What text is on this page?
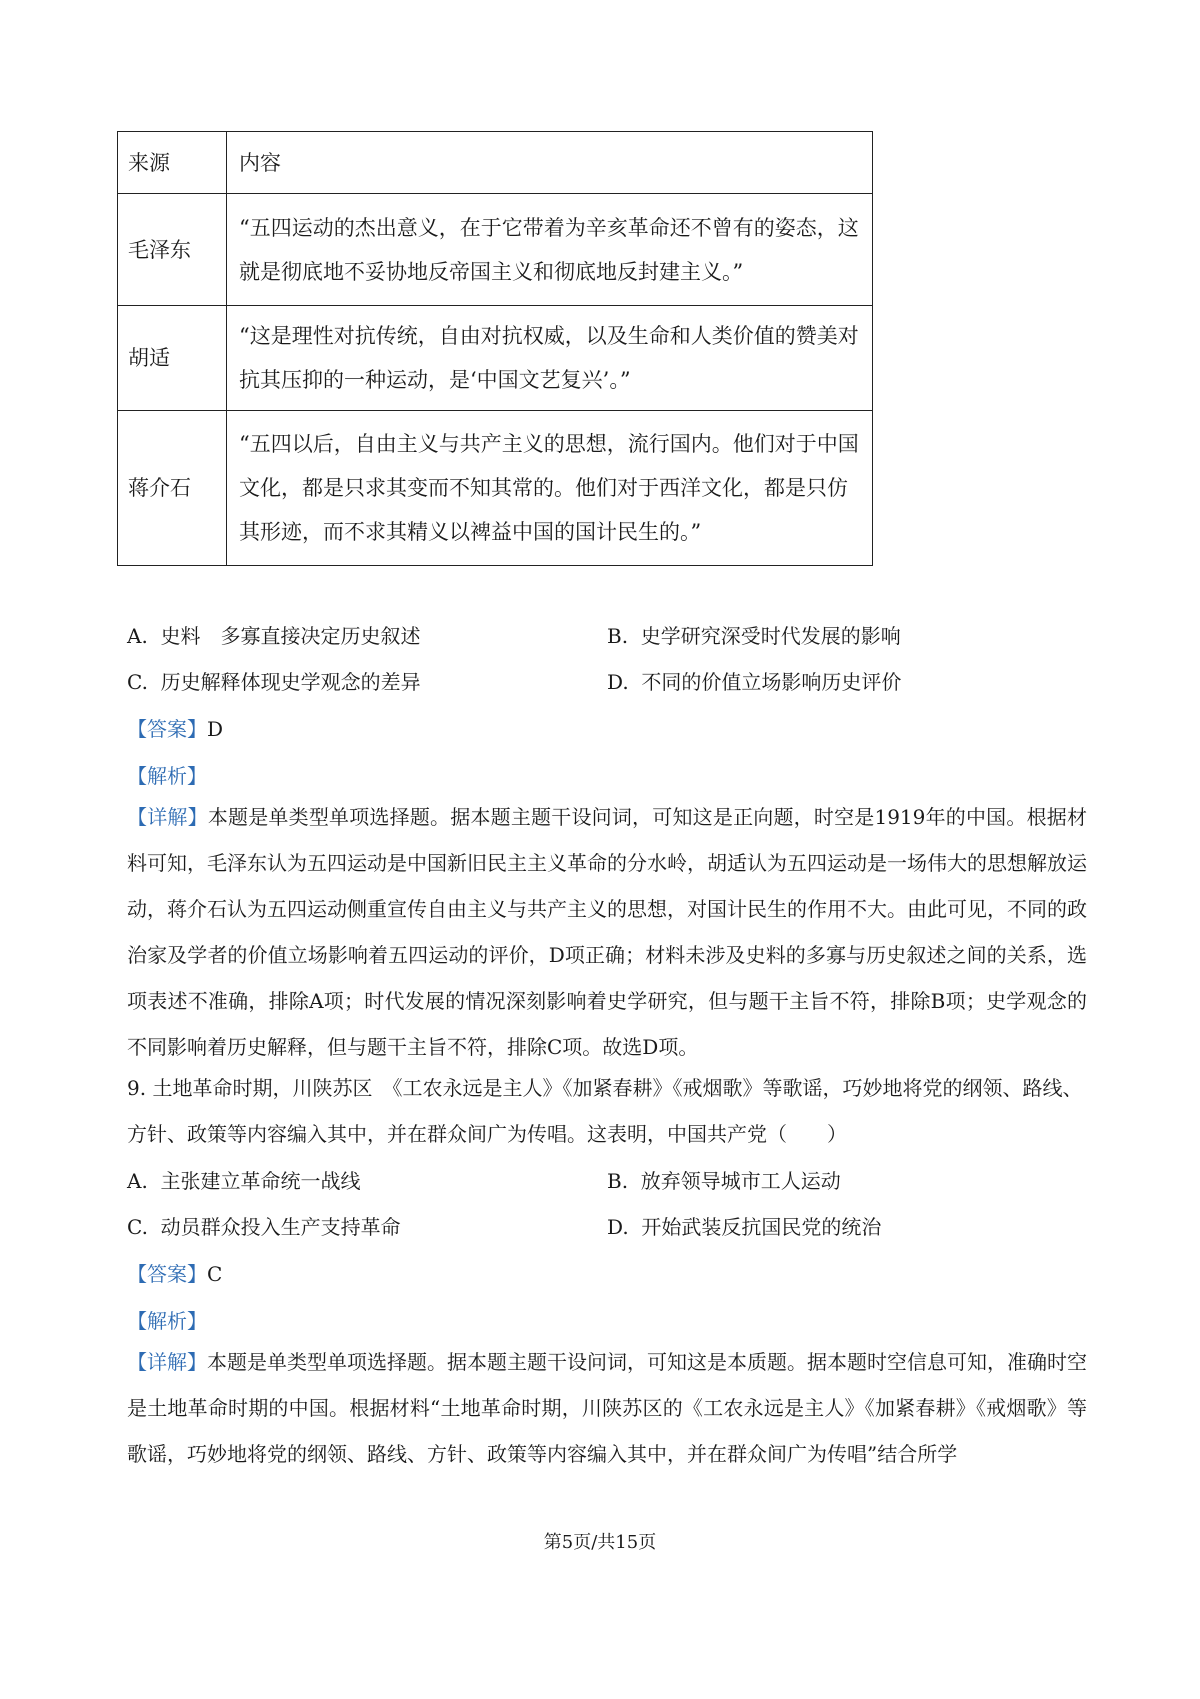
来源	内容
毛泽东	“五四运动的杰出意义，在于它带着为辛亥革命还不曾有的姿态，这就是彻底地不妥协地反帝国主义和彻底地反封建主义。”
胡适	“这是理性对抗传统，自由对抗权威，以及生命和人类价值的赞美对抗其压抑的一种运动，是‘中国文艺复兴’。”
蒋介石	“五四以后，自由主义与共产主义的思想，流行国内。他们对于中国文化，都是只求其变而不知其常的。他们对于西洋文化，都是只仿其形迹，而不求其精义以裨益中国的国计民生的。”
A.  史料　多寡直接决定历史叙述	B.  史学研究深受时代发展的影响
C.  历史解释体现史学观念的差异	D.  不同的价值立场影响历史评价
【答案】D
【解析】
【详解】本题是单类型单项选择题。据本题主题干设问词，可知这是正向题，时空是1919年的中国。根据材料可知，毛泽东认为五四运动是中国新旧民主主义革命的分水岭，胡适认为五四运动是一场伟大的思想解放运动，蒋介石认为五四运动侧重宣传自由主义与共产主义的思想，对国计民生的作用不大。由此可见，不同的政治家及学者的价值立场影响着五四运动的评价，D项正确；材料未涉及史料的多寡与历史叙述之间的关系，选项表述不准确，排除A项；时代发展的情况深刻影响着史学研究，但与题干主旨不符，排除B项；史学观念的不同影响着历史解释，但与题干主旨不符，排除C项。故选D项。
9. 土地革命时期，川陕苏区　《工农永远是主人》《加紧春耕》《戒烟歌》等歌谣，巧妙地将党的纲领、路线、方针、政策等内容编入其中，并在群众间广为传唱。这表明，中国共产党（　　）
A.  主张建立革命统一战线	B.  放弃领导城市工人运动
C.  动员群众投入生产支持革命	D.  开始武装反抗国民党的统治
【答案】C
【解析】
【详解】本题是单类型单项选择题。据本题主题干设问词，可知这是本质题。据本题时空信息可知，准确时空是土地革命时期的中国。根据材料“土地革命时期，川陕苏区的《工农永远是主人》《加紧春耕》《戒烟歌》等歌谣，巧妙地将党的纲领、路线、方针、政策等内容编入其中，并在群众间广为传唱”结合所学
第5页/共15页
